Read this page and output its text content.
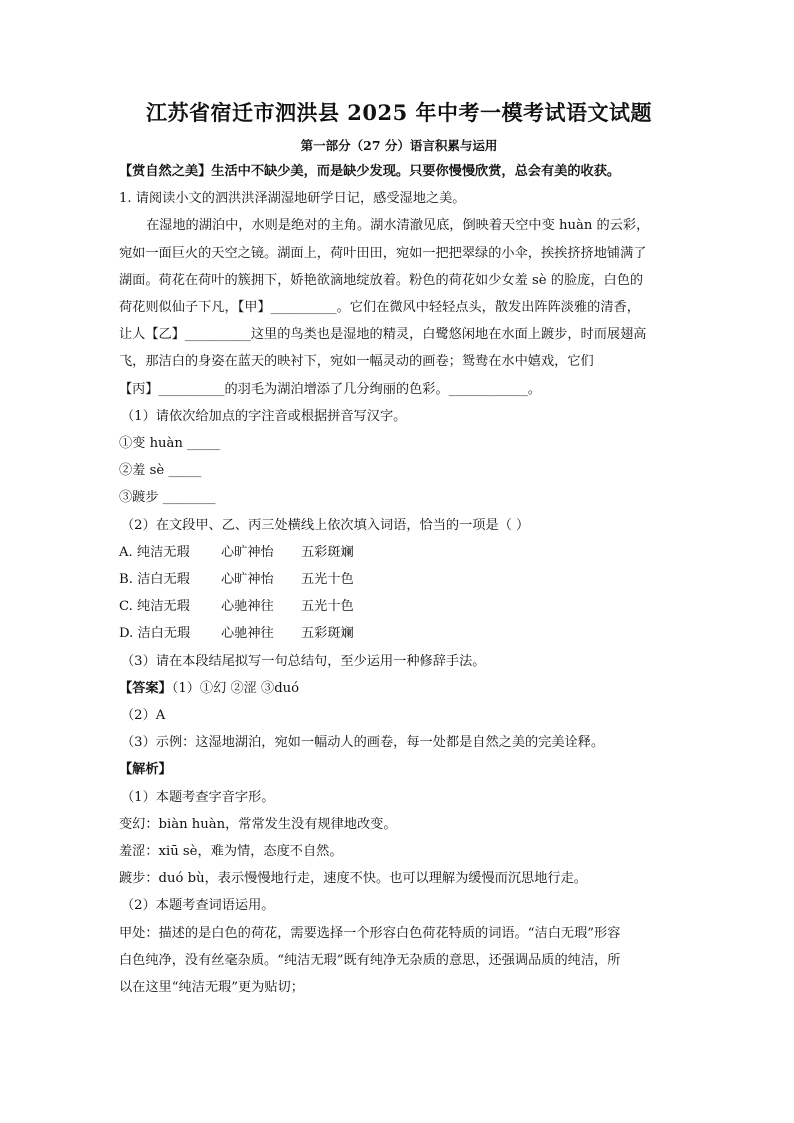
江苏省宿迁市泗洪县 2025 年中考一模考试语文试题
第一部分（27 分）语言积累与运用
【赏自然之美】生活中不缺少美，而是缺少发现。只要你慢慢欣赏，总会有美的收获。
1. 请阅读小文的泗洪洪泽湖湿地研学日记，感受湿地之美。
在湿地的湖泊中，水则是绝对的主角。湖水清澈见底，倒映着天空中变 huàn 的云彩，
宛如一面巨火的天空之镜。湖面上，荷叶田田，宛如一把把翠绿的小伞，挨挨挤挤地铺满了
湖面。荷花在荷叶的簇拥下，娇艳欲滴地绽放着。粉色的荷花如少女羞 sè 的脸庞，白色的
荷花则似仙子下凡，【甲】__________。它们在微风中轻轻点头，散发出阵阵淡雅的清香，
让人【乙】__________这里的鸟类也是湿地的精灵，白鹭悠闲地在水面上踱步，时而展翅高
飞，那洁白的身姿在蓝天的映衬下，宛如一幅灵动的画卷；鸳鸯在水中嬉戏，它们
【丙】__________的羽毛为湖泊增添了几分绚丽的色彩。____________。
（1）请依次给加点的字注音或根据拼音写汉字。
①变 huàn _____
②羞 sè _____
③踱步 ________
（2）在文段甲、乙、丙三处横线上依次填入词语，恰当的一项是（ ）
A. 纯洁无瑕	心旷神怡 五彩斑斓
B. 洁白无瑕	心旷神怡 五光十色
C. 纯洁无瑕	心驰神往 五光十色
D. 洁白无瑕	心驰神往 五彩斑斓
（3）请在本段结尾拟写一句总结句，至少运用一种修辞手法。
【答案】（1）①幻 ②涩 ③duó
（2）A
（3）示例：这湿地湖泊，宛如一幅动人的画卷，每一处都是自然之美的完美诠释。
【解析】
（1）本题考查字音字形。
变幻：biàn huàn，常常发生没有规律地改变。
羞涩：xiū sè，难为情，态度不自然。
踱步：duó bù，表示慢慢地行走，速度不快。也可以理解为缓慢而沉思地行走。
（2）本题考查词语运用。
甲处：描述的是白色的荷花，需要选择一个形容白色荷花特质的词语。“洁白无瑕”形容
白色纯净，没有丝毫杂质。“纯洁无瑕”既有纯净无杂质的意思，还强调品质的纯洁，所
以在这里“纯洁无瑕”更为贴切；
